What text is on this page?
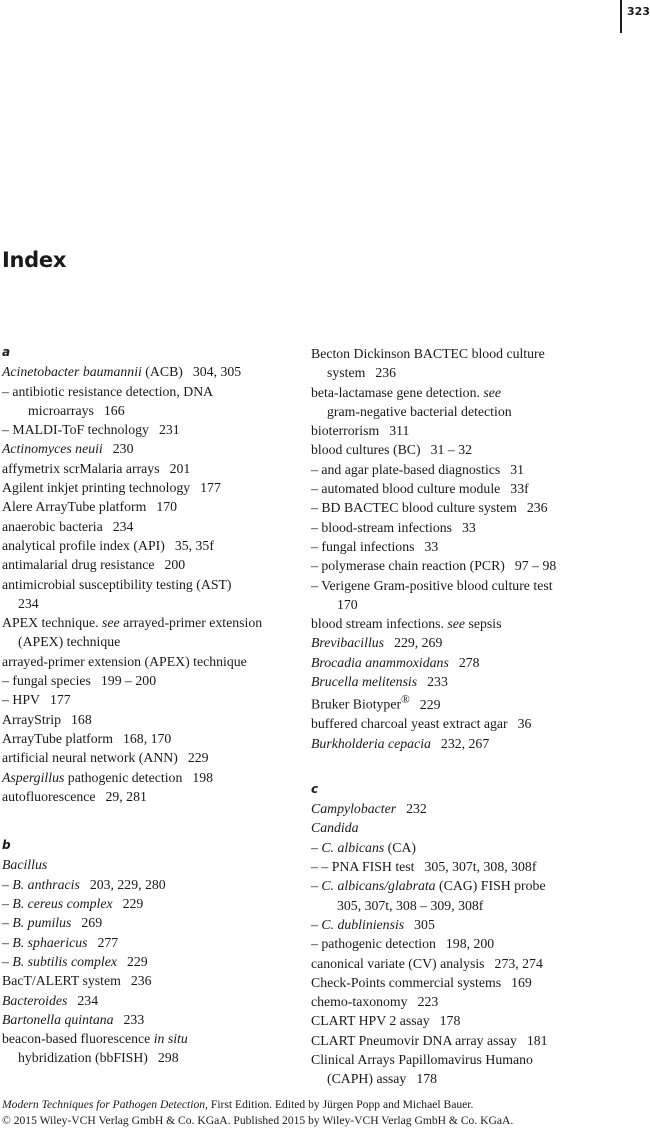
323
Index
a
Acinetobacter baumannii (ACB) 304, 305
– antibiotic resistance detection, DNA
microarrays 166
– MALDI-ToF technology 231
Actinomyces neuii 230
affymetrix scrMalaria arrays 201
Agilent inkjet printing technology 177
Alere ArrayTube platform 170
anaerobic bacteria 234
analytical profile index (API) 35, 35f
antimalarial drug resistance 200
antimicrobial susceptibility testing (AST)
234
APEX technique. see arrayed-primer extension
(APEX) technique
arrayed-primer extension (APEX) technique
– fungal species 199 – 200
– HPV 177
ArrayStrip 168
ArrayTube platform 168, 170
artificial neural network (ANN) 229
Aspergillus pathogenic detection 198
autofluorescence 29, 281
b
Bacillus
– B. anthracis 203, 229, 280
– B. cereus complex 229
– B. pumilus 269
– B. sphaericus 277
– B. subtilis complex 229
BacT/ALERT system 236
Bacteroides 234
Bartonella quintana 233
beacon-based fluorescence in situ
hybridization (bbFISH) 298
Becton Dickinson BACTEC blood culture
system 236
beta-lactamase gene detection. see
gram-negative bacterial detection
bioterrorism 311
blood cultures (BC) 31 – 32
– and agar plate-based diagnostics 31
– automated blood culture module 33f
– BD BACTEC blood culture system 236
– blood-stream infections 33
– fungal infections 33
– polymerase chain reaction (PCR) 97 – 98
– Verigene Gram-positive blood culture test
170
blood stream infections. see sepsis
Brevibacillus 229, 269
Brocadia anammoxidans 278
Brucella melitensis 233
Bruker Biotyper® 229
buffered charcoal yeast extract agar 36
Burkholderia cepacia 232, 267
c
Campylobacter 232
Candida
– C. albicans (CA)
– – PNA FISH test 305, 307t, 308, 308f
– C. albicans/glabrata (CAG) FISH probe
305, 307t, 308 – 309, 308f
– C. dubliniensis 305
– pathogenic detection 198, 200
canonical variate (CV) analysis 273, 274
Check-Points commercial systems 169
chemo-taxonomy 223
CLART HPV 2 assay 178
CLART Pneumovir DNA array assay 181
Clinical Arrays Papillomavirus Humano
(CAPH) assay 178
Modern Techniques for Pathogen Detection, First Edition. Edited by Jürgen Popp and Michael Bauer.
© 2015 Wiley-VCH Verlag GmbH & Co. KGaA. Published 2015 by Wiley-VCH Verlag GmbH & Co. KGaA.
